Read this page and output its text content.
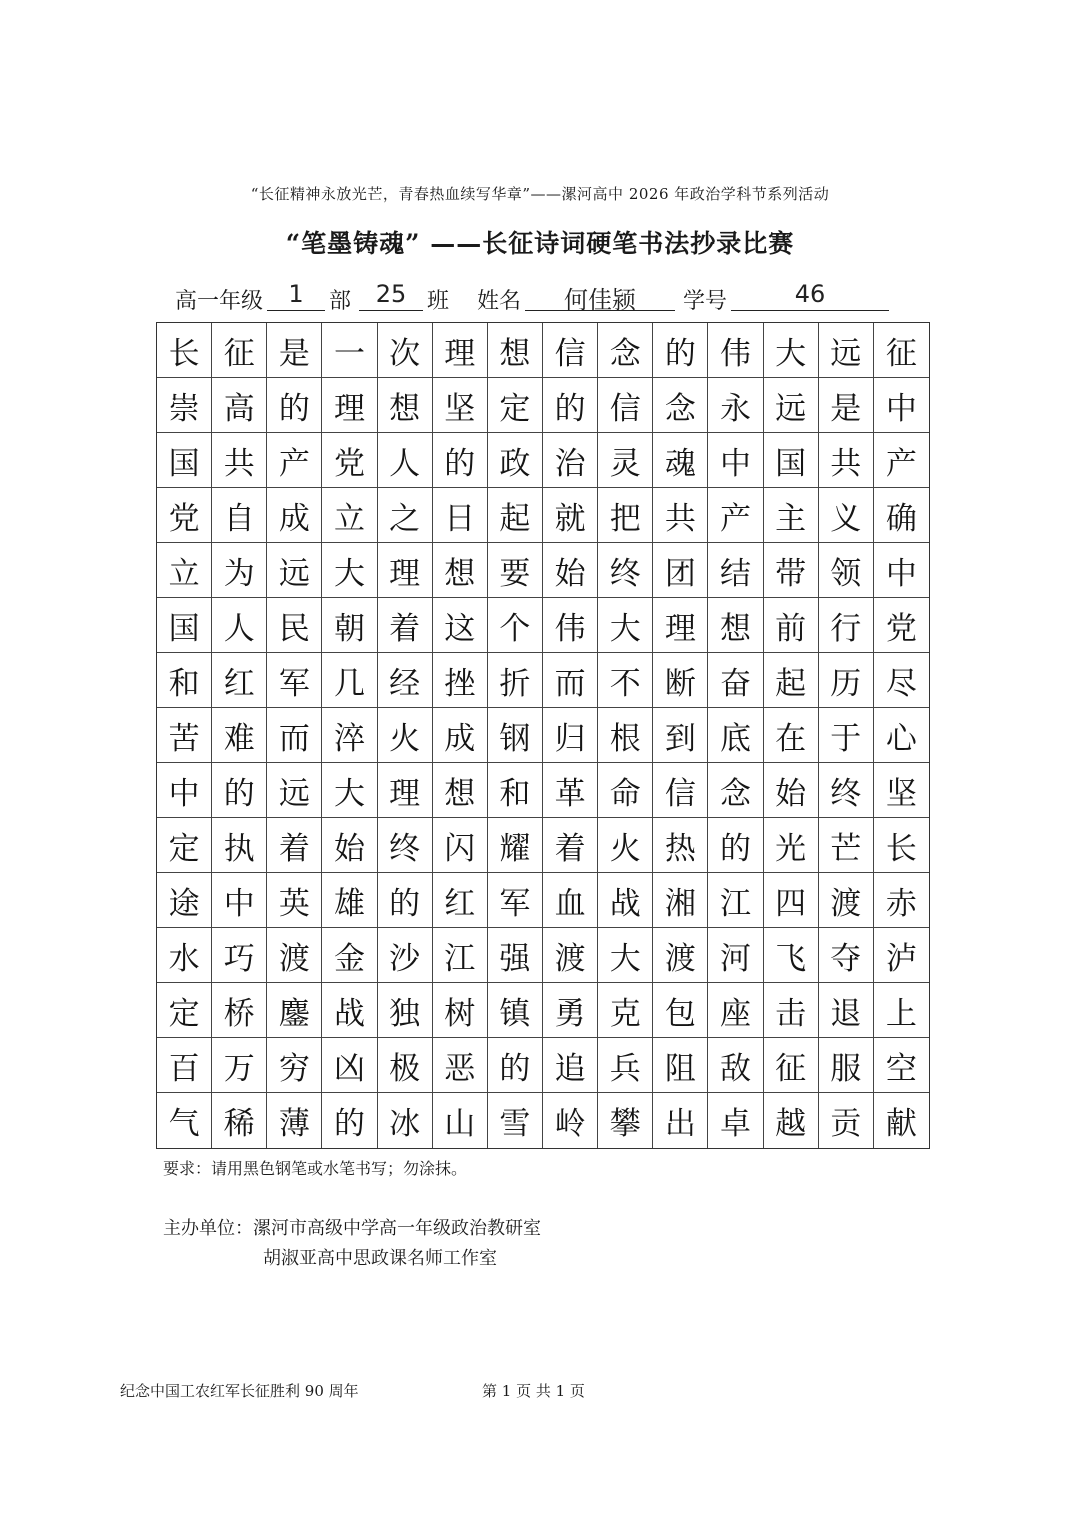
“长征精神永放光芒，青春热血续写华章”——漯河高中 2026 年政治学科节系列活动
“笔墨铸魂” ——长征诗词硬笔书法抄录比赛
高一年级	1	部	25 班 姓名	何佳颍	学号	46
长 征 是 一 次 理 想 信 念 的 伟 大 远 征
崇 高 的 理 想 坚 定 的 信 念 永 远 是 中
国 共 产 党 人 的 政 治 灵 魂 中 国 共 产
党 自 成 立 之 日 起 就 把 共 产 主 义 确
立 为 远 大 理 想 要 始 终 团 结 带 领 中
国 人 民 朝 着 这 个 伟 大 理 想 前 行 党
和 红 军 几 经 挫 折 而 不 断 奋 起 历 尽
苦 难 而 淬 火 成 钢 归 根 到 底 在 于 心
中 的 远 大 理 想 和 革 命 信 念 始 终 坚
定 执 着 始 终 闪 耀 着 火 热 的 光 芒 长
途 中 英 雄 的 红 军 血 战 湘 江 四 渡 赤
水 巧 渡 金 沙 江 强 渡 大 渡 河 飞 夺 泸
定 桥 鏖 战 独 树 镇 勇 克 包 座 击 退 上
百 万 穷 凶 极 恶 的 追 兵 阻 敌 征 服 空
气 稀 薄 的 冰 山 雪 岭 攀 出 卓 越 贡 献
要求：请用黑色钢笔或水笔书写；勿涂抹。
主办单位：漯河市高级中学高一年级政治教研室
胡淑亚高中思政课名师工作室
纪念中国工农红军长征胜利 90 周年	第 1 页 共 1 页
